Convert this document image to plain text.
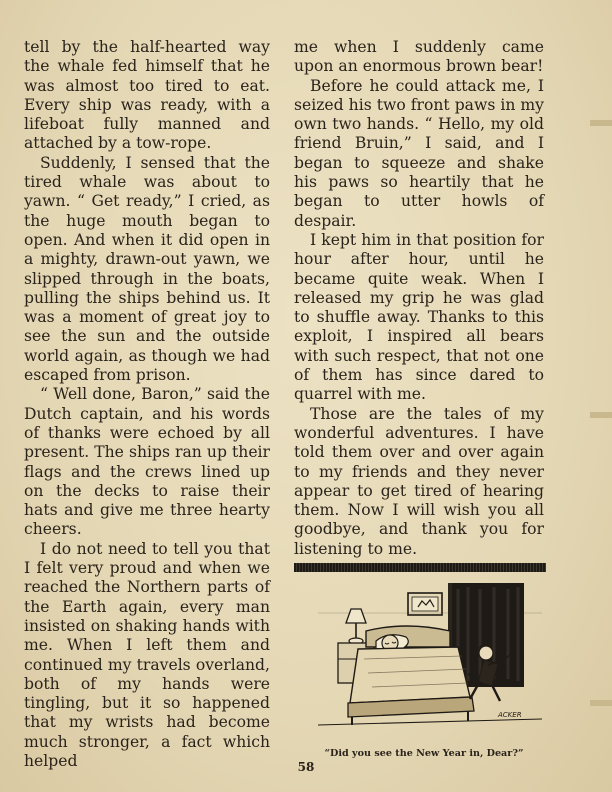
tell by the half-hearted way the whale fed himself that he was almost too tired to eat. Every ship was ready, with a lifeboat fully manned and attached by a tow-rope.

Suddenly, I sensed that the tired whale was about to yawn. “ Get ready,” I cried, as the huge mouth began to open. And when it did open in a mighty, drawn-out yawn, we slipped through in the boats, pulling the ships behind us. It was a moment of great joy to see the sun and the outside world again, as though we had escaped from prison.

“ Well done, Baron,” said the Dutch captain, and his words of thanks were echoed by all present. The ships ran up their flags and the crews lined up on the decks to raise their hats and give me three hearty cheers.

I do not need to tell you that I felt very proud and when we reached the Northern parts of the Earth again, every man insisted on shaking hands with me. When I left them and continued my travels overland, both of my hands were tingling, but it so happened that my wrists had become much stronger, a fact which helped

me when I suddenly came upon an enormous brown bear!

Before he could attack me, I seized his two front paws in my own two hands. “ Hello, my old friend Bruin,” I said, and I began to squeeze and shake his paws so heartily that he began to utter howls of despair.

I kept him in that position for hour after hour, until he became quite weak. When I released my grip he was glad to shuffle away. Thanks to this exploit, I inspired all bears with such respect, that not one of them has since dared to quarrel with me.

Those are the tales of my wonderful adventures. I have told them over and over again to my friends and they never appear to get tired of hearing them. Now I will wish you all goodbye, and thank you for listening to me.

ACKER
“Did you see the New Year in, Dear?”
58
